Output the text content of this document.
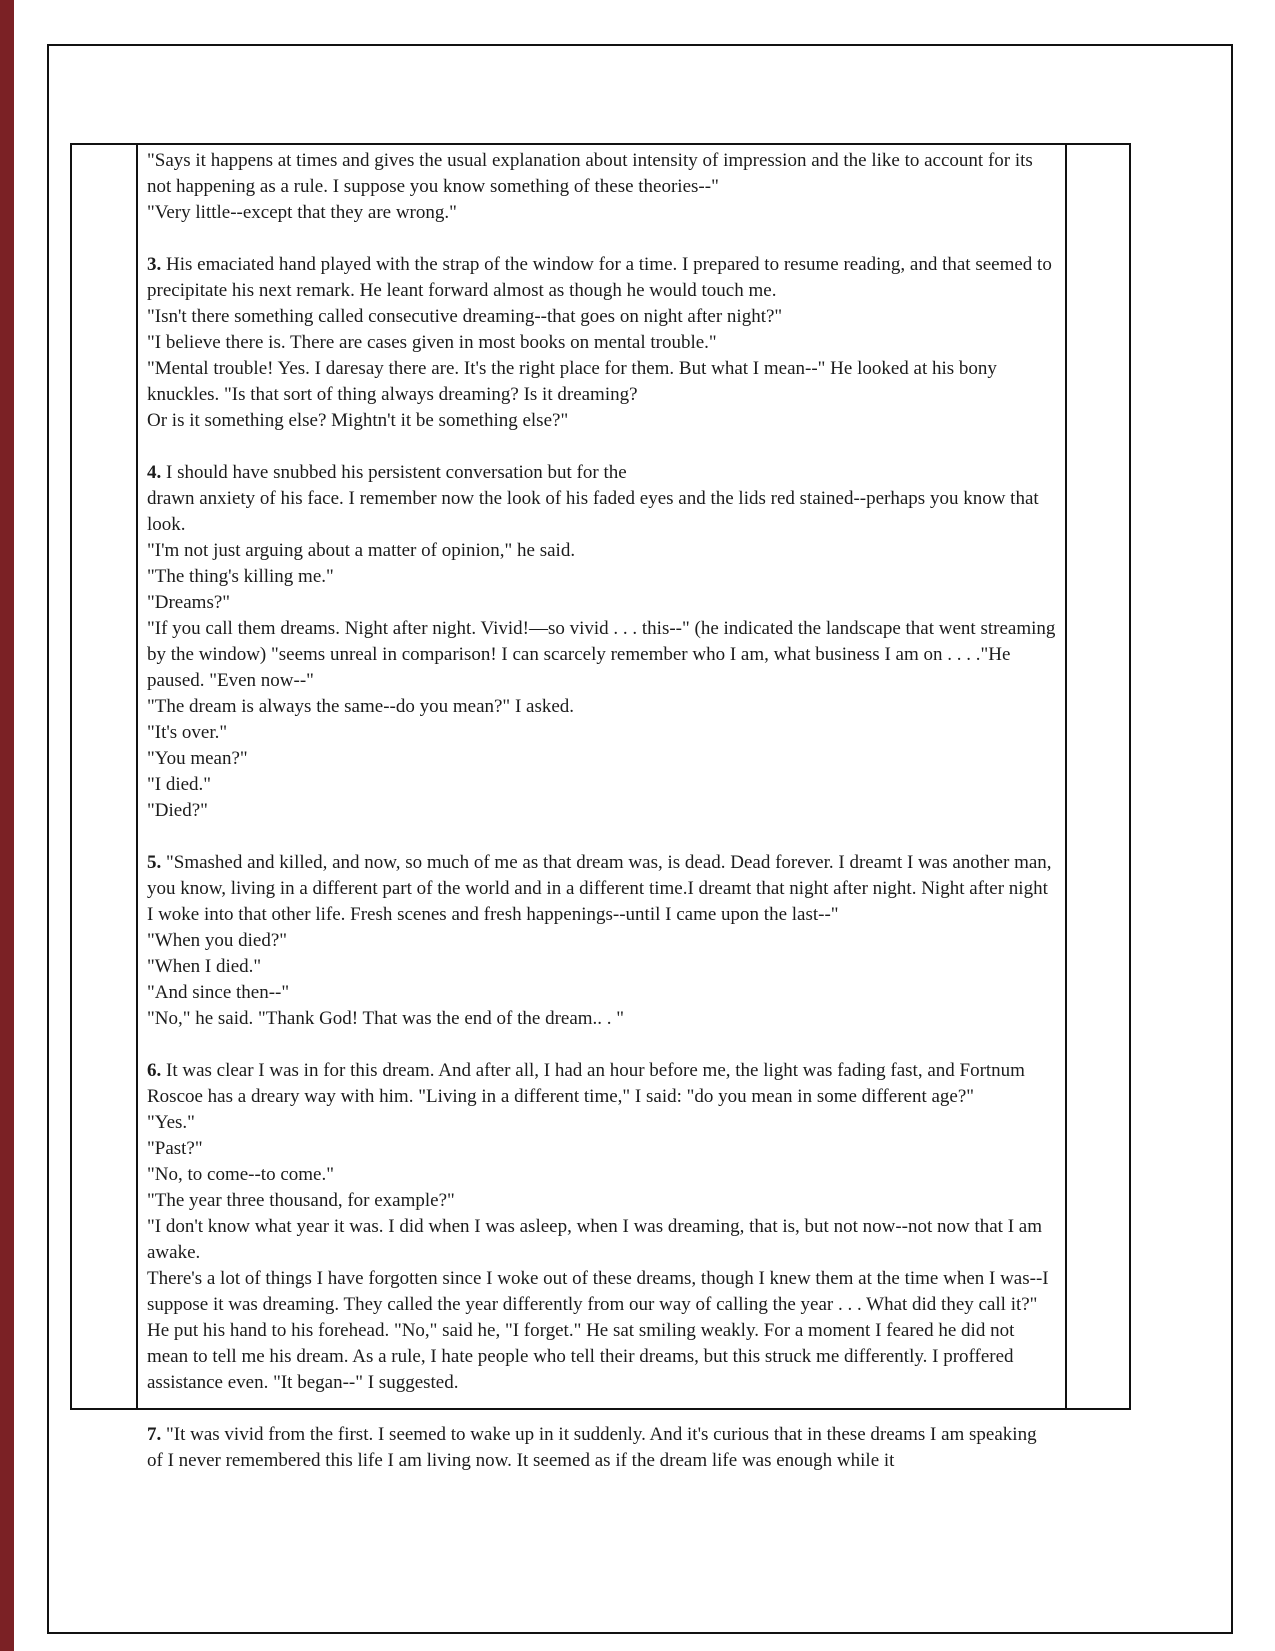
"Says it happens at times and gives the usual explanation about intensity of impression and the like to account for its not happening as a rule. I suppose you know something of these theories--"
"Very little--except that they are wrong."
3. His emaciated hand played with the strap of the window for a time. I prepared to resume reading, and that seemed to precipitate his next remark. He leant forward almost as though he would touch me.
"Isn't there something called consecutive dreaming--that goes on night after night?"
"I believe there is. There are cases given in most books on mental trouble."
"Mental trouble! Yes. I daresay there are. It's the right place for them. But what I mean--" He looked at his bony knuckles. "Is that sort of thing always dreaming? Is it dreaming?
Or is it something else? Mightn't it be something else?"
4. I should have snubbed his persistent conversation but for the
drawn anxiety of his face. I remember now the look of his faded eyes and the lids red stained--perhaps you know that look.
"I'm not just arguing about a matter of opinion," he said.
"The thing's killing me."
"Dreams?"
"If you call them dreams. Night after night. Vivid!—so vivid . . . this--" (he indicated the landscape that went streaming by the window) "seems unreal in comparison! I can scarcely remember who I am, what business I am on . . . ."He paused. "Even now--"
"The dream is always the same--do you mean?" I asked.
"It's over."
"You mean?"
"I died."
"Died?"
5. "Smashed and killed, and now, so much of me as that dream was, is dead. Dead forever. I dreamt I was another man, you know, living in a different part of the world and in a different time.I dreamt that night after night. Night after night I woke into that other life. Fresh scenes and fresh happenings--until I came upon the last--"
"When you died?"
"When I died."
"And since then--"
"No," he said. "Thank God! That was the end of the dream.. . "
6. It was clear I was in for this dream. And after all, I had an hour before me, the light was fading fast, and Fortnum Roscoe has a dreary way with him. "Living in a different time," I said: "do you mean in some different age?"
"Yes."
"Past?"
"No, to come--to come."
"The year three thousand, for example?"
"I don't know what year it was. I did when I was asleep, when I was dreaming, that is, but not now--not now that I am awake.
There's a lot of things I have forgotten since I woke out of these dreams, though I knew them at the time when I was--I suppose it was dreaming. They called the year differently from our way of calling the year . . . What did they call it?" He put his hand to his forehead. "No," said he, "I forget." He sat smiling weakly. For a moment I feared he did not mean to tell me his dream. As a rule, I hate people who tell their dreams, but this struck me differently. I proffered assistance even. "It began--" I suggested.
7. "It was vivid from the first. I seemed to wake up in it suddenly. And it's curious that in these dreams I am speaking of I never remembered this life I am living now. It seemed as if the dream life was enough while it
